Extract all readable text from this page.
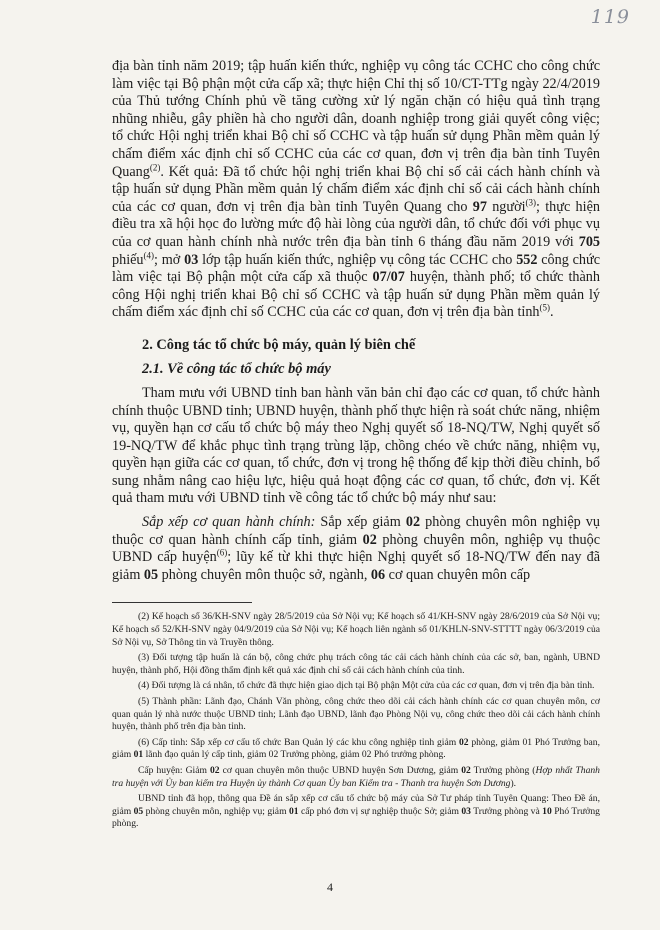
119

địa bàn tỉnh năm 2019; tập huấn kiến thức, nghiệp vụ công tác CCHC cho công chức làm việc tại Bộ phận một cửa cấp xã; thực hiện Chỉ thị số 10/CT-TTg ngày 22/4/2019 của Thủ tướng Chính phủ về tăng cường xử lý ngăn chặn có hiệu quả tình trạng nhũng nhiễu, gây phiền hà cho người dân, doanh nghiệp trong giải quyết công việc; tổ chức Hội nghị triển khai Bộ chỉ số CCHC và tập huấn sử dụng Phần mềm quản lý chấm điểm xác định chỉ số CCHC của các cơ quan, đơn vị trên địa bàn tỉnh Tuyên Quang$^{(2)}$. Kết quả: Đã tổ chức hội nghị triển khai Bộ chỉ số cải cách hành chính và tập huấn sử dụng Phần mềm quản lý chấm điểm xác định chỉ số cải cách hành chính của các cơ quan, đơn vị trên địa bàn tỉnh Tuyên Quang cho 97 người$^{(3)}$; thực hiện điều tra xã hội học đo lường mức độ hài lòng của người dân, tổ chức đối với phục vụ của cơ quan hành chính nhà nước trên địa bàn tỉnh 6 tháng đầu năm 2019 với 705 phiếu$^{(4)}$; mở 03 lớp tập huấn kiến thức, nghiệp vụ công tác CCHC cho 552 công chức làm việc tại Bộ phận một cửa cấp xã thuộc 07/07 huyện, thành phố; tổ chức thành công Hội nghị triển khai Bộ chỉ số CCHC và tập huấn sử dụng Phần mềm quản lý chấm điểm xác định chỉ số CCHC của các cơ quan, đơn vị trên địa bàn tỉnh$^{(5)}$.

2. Công tác tổ chức bộ máy, quản lý biên chế

2.1. Về công tác tổ chức bộ máy

Tham mưu với UBND tỉnh ban hành văn bản chỉ đạo các cơ quan, tổ chức hành chính thuộc UBND tỉnh; UBND huyện, thành phố thực hiện rà soát chức năng, nhiệm vụ, quyền hạn cơ cấu tổ chức bộ máy theo Nghị quyết số 18-NQ/TW, Nghị quyết số 19-NQ/TW để khắc phục tình trạng trùng lặp, chồng chéo về chức năng, nhiệm vụ, quyền hạn giữa các cơ quan, tổ chức, đơn vị trong hệ thống để kịp thời điều chỉnh, bổ sung nhằm nâng cao hiệu lực, hiệu quả hoạt động các cơ quan, tổ chức, đơn vị. Kết quả tham mưu với UBND tỉnh về công tác tổ chức bộ máy như sau:

Sắp xếp cơ quan hành chính: Sắp xếp giảm 02 phòng chuyên môn nghiệp vụ thuộc cơ quan hành chính cấp tỉnh, giảm 02 phòng chuyên môn, nghiệp vụ thuộc UBND cấp huyện$^{(6)}$; lũy kế từ khi thực hiện Nghị quyết số 18-NQ/TW đến nay đã giảm 05 phòng chuyên môn thuộc sở, ngành, 06 cơ quan chuyên môn cấp

(2) Kế hoạch số 36/KH-SNV ngày 28/5/2019 của Sở Nội vụ; Kế hoạch số 41/KH-SNV ngày 28/6/2019 của Sở Nội vụ; Kế hoạch số 52/KH-SNV ngày 04/9/2019 của Sở Nội vụ; Kế hoạch liên ngành số 01/KHLN-SNV-STTTT ngày 06/3/2019 của Sở Nội vụ, Sở Thông tin và Truyền thông.

(3) Đối tượng tập huấn là cán bộ, công chức phụ trách công tác cải cách hành chính của các sở, ban, ngành, UBND huyện, thành phố, Hội đồng thẩm định kết quả xác định chỉ số cải cách hành chính của tỉnh.

(4) Đối tượng là cá nhân, tổ chức đã thực hiện giao dịch tại Bộ phận Một cửa của các cơ quan, đơn vị trên địa bàn tỉnh.

(5) Thành phần: Lãnh đạo, Chánh Văn phòng, công chức theo dõi cải cách hành chính các cơ quan chuyên môn, cơ quan quản lý nhà nước thuộc UBND tỉnh; Lãnh đạo UBND, lãnh đạo Phòng Nội vụ, công chức theo dõi cải cách hành chính huyện, thành phố trên địa bàn tỉnh.

(6) Cấp tỉnh: Sắp xếp cơ cấu tổ chức Ban Quản lý các khu công nghiệp tỉnh giảm 02 phòng, giảm 01 Phó Trưởng ban, giảm 01 lãnh đạo quản lý cấp tỉnh, giảm 02 Trưởng phòng, giảm 02 Phó trưởng phòng.

Cấp huyện: Giảm 02 cơ quan chuyên môn thuộc UBND huyện Sơn Dương, giảm 02 Trưởng phòng (Hợp nhất Thanh tra huyện với Ủy ban kiểm tra Huyện ủy thành Cơ quan Ủy ban Kiểm tra - Thanh tra huyện Sơn Dương).

UBND tỉnh đã họp, thông qua Đề án sắp xếp cơ cấu tổ chức bộ máy của Sở Tư pháp tỉnh Tuyên Quang: Theo Đề án, giảm 05 phòng chuyên môn, nghiệp vụ; giảm 01 cấp phó đơn vị sự nghiệp thuộc Sở; giảm 03 Trưởng phòng và 10 Phó Trưởng phòng.

4
